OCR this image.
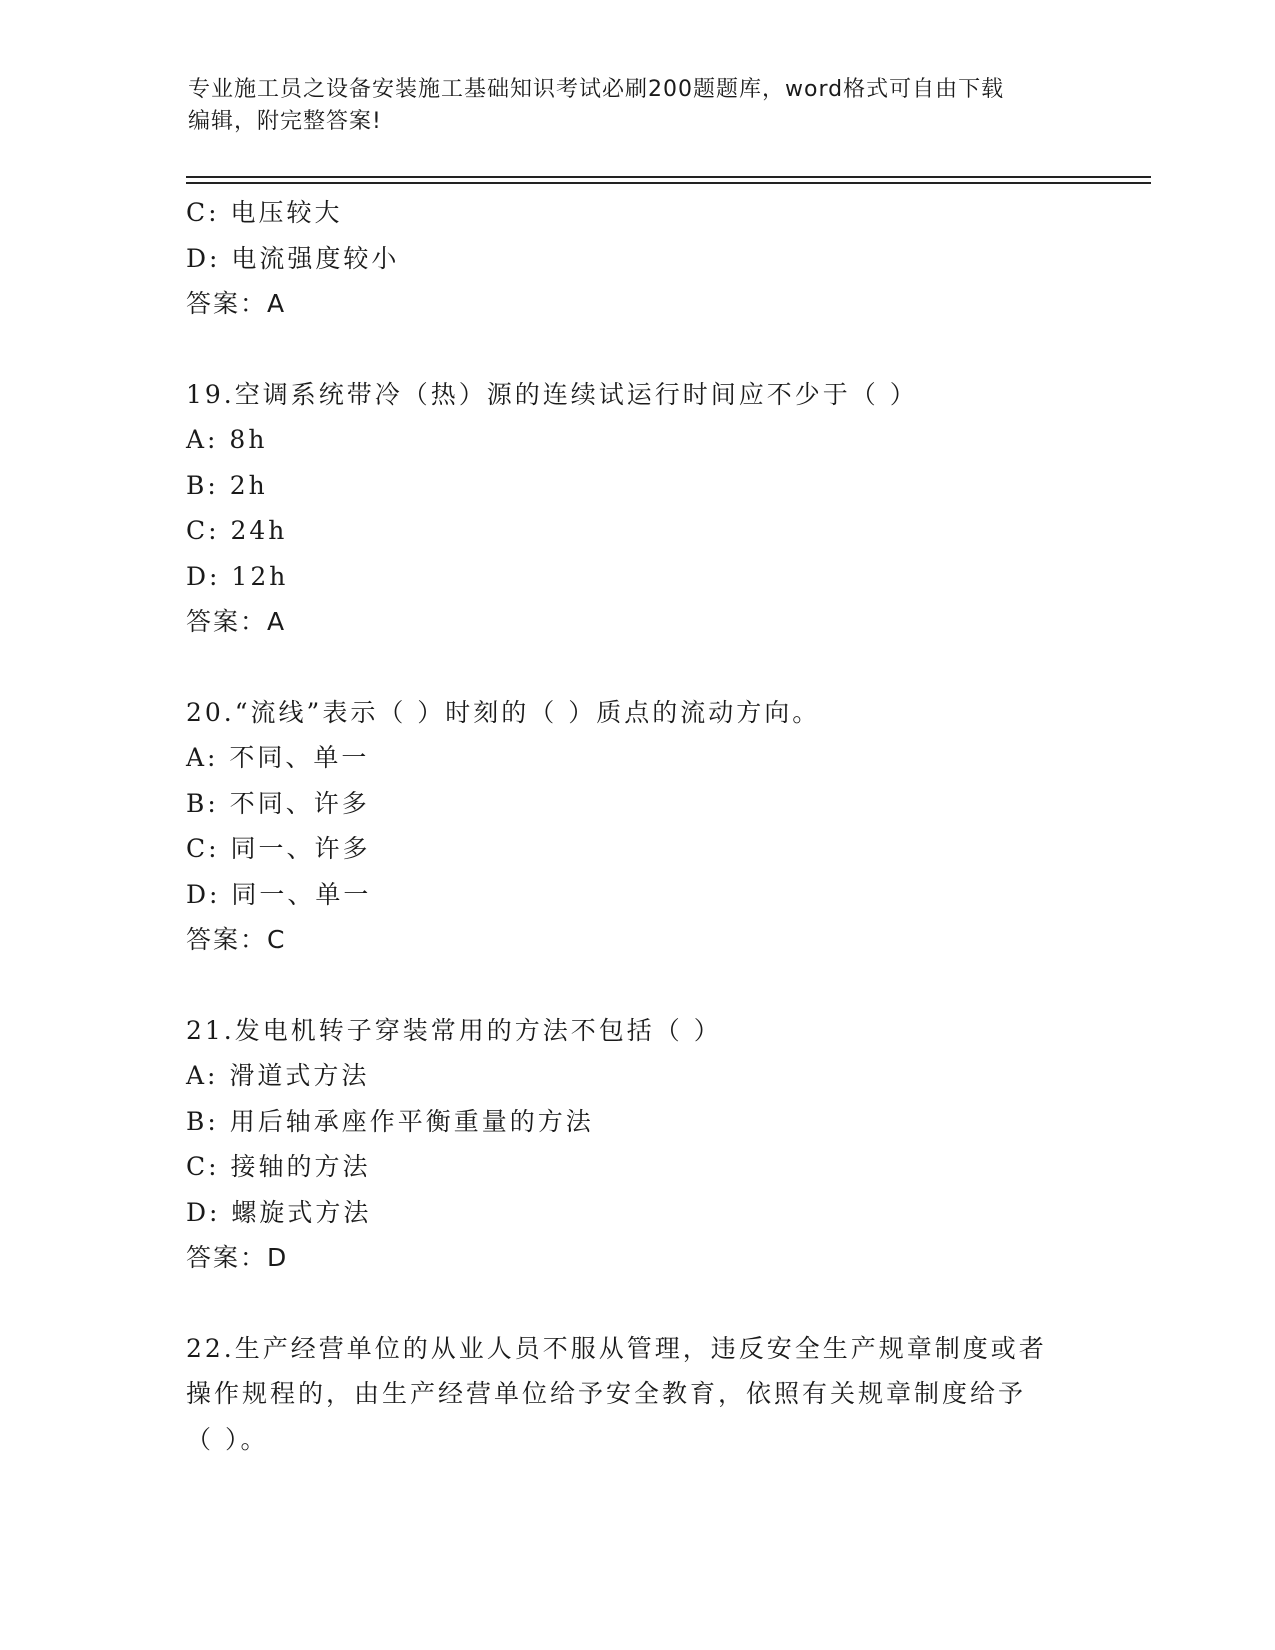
专业施工员之设备安装施工基础知识考试必刷200题题库，word格式可自由下载
编辑，附完整答案!
C: 电压较大
D: 电流强度较小
答案：A
19.空调系统带冷（热）源的连续试运行时间应不少于（ ）
A: 8h
B: 2h
C: 24h
D: 12h
答案：A
20.“流线”表示（ ）时刻的（ ）质点的流动方向。
A: 不同、单一
B: 不同、许多
C: 同一、许多
D: 同一、单一
答案：C
21.发电机转子穿装常用的方法不包括（ ）
A: 滑道式方法
B: 用后轴承座作平衡重量的方法
C: 接轴的方法
D: 螺旋式方法
答案：D
22.生产经营单位的从业人员不服从管理，违反安全生产规章制度或者
操作规程的，由生产经营单位给予安全教育，依照有关规章制度给予
（ ）。
